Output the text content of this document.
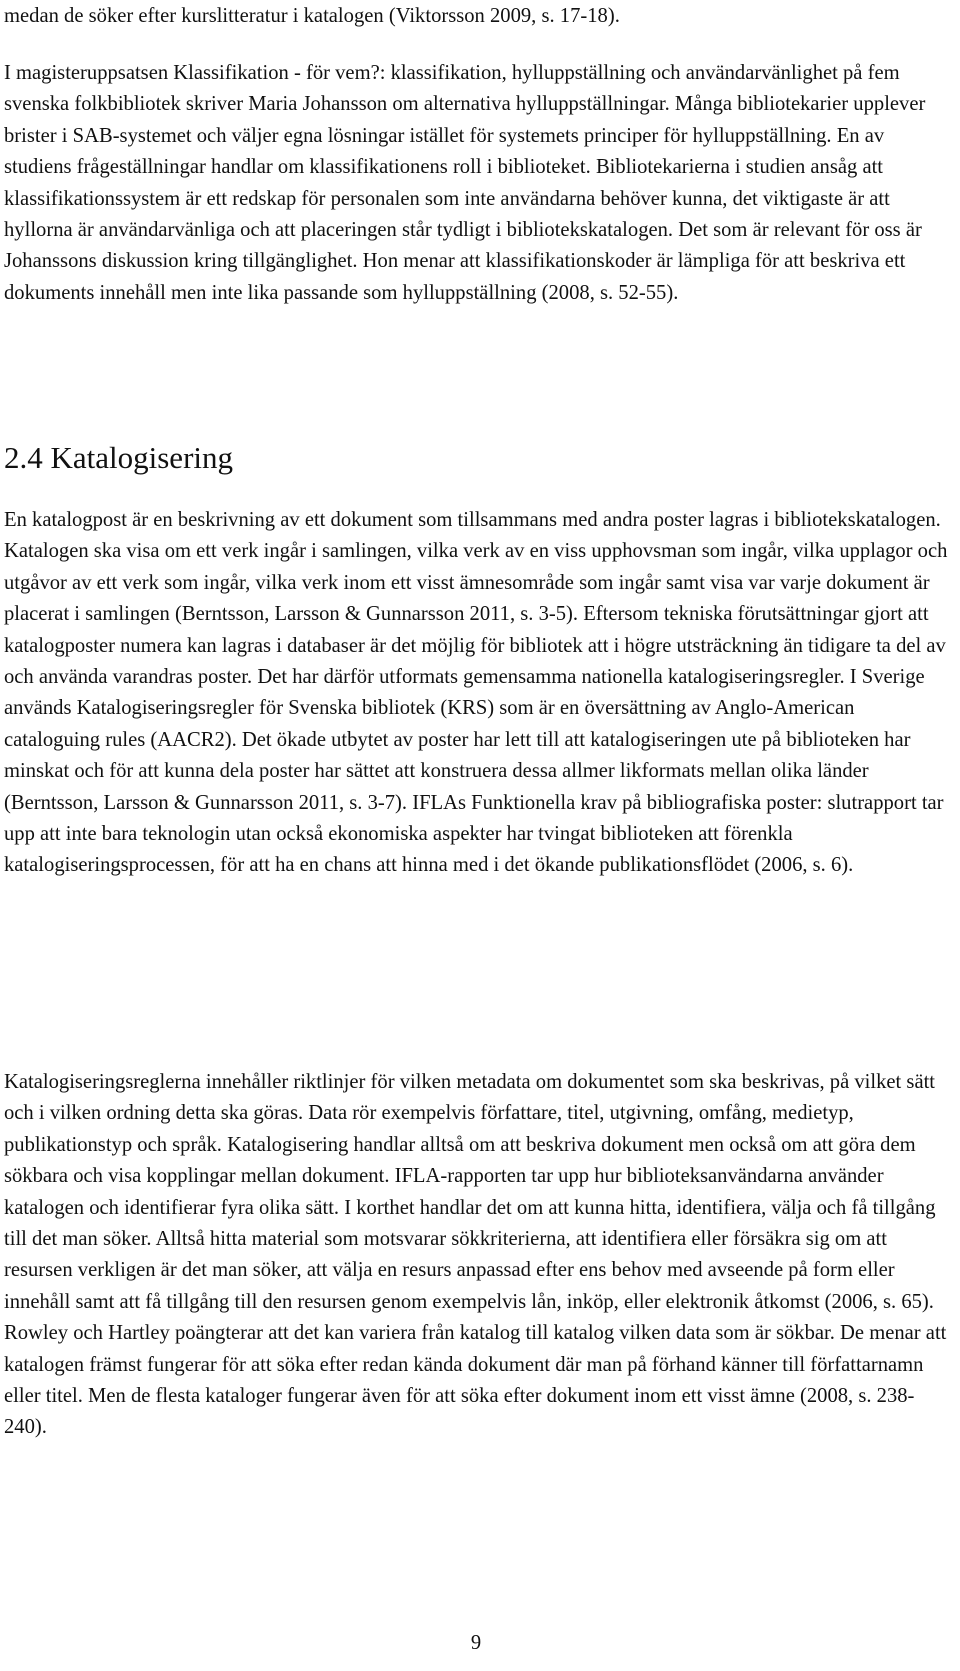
medan de söker efter kurslitteratur i katalogen (Viktorsson 2009, s. 17-18).

I magisteruppsatsen Klassifikation - för vem?: klassifikation, hylluppställning och användarvänlighet på fem svenska folkbibliotek skriver Maria Johansson om alternativa hylluppställningar. Många bibliotekarier upplever brister i SAB-systemet och väljer egna lösningar istället för systemets principer för hylluppställning. En av studiens frågeställningar handlar om klassifikationens roll i biblioteket. Bibliotekarierna i studien ansåg att klassifikationssystem är ett redskap för personalen som inte användarna behöver kunna, det viktigaste är att hyllorna är användarvänliga och att placeringen står tydligt i bibliotekskatalogen. Det som är relevant för oss är Johanssons diskussion kring tillgänglighet. Hon menar att klassifikationskoder är lämpliga för att beskriva ett dokuments innehåll men inte lika passande som hylluppställning (2008, s. 52-55).

2.4 Katalogisering

En katalogpost är en beskrivning av ett dokument som tillsammans med andra poster lagras i bibliotekskatalogen. Katalogen ska visa om ett verk ingår i samlingen, vilka verk av en viss upphovsman som ingår, vilka upplagor och utgåvor av ett verk som ingår, vilka verk inom ett visst ämnesområde som ingår samt visa var varje dokument är placerat i samlingen (Berntsson, Larsson & Gunnarsson 2011, s. 3-5). Eftersom tekniska förutsättningar gjort att katalogposter numera kan lagras i databaser är det möjlig för bibliotek att i högre utsträckning än tidigare ta del av och använda varandras poster. Det har därför utformats gemensamma nationella katalogiseringsregler. I Sverige används Katalogiseringsregler för Svenska bibliotek (KRS) som är en översättning av Anglo-American cataloguing rules (AACR2). Det ökade utbytet av poster har lett till att katalogiseringen ute på biblioteken har minskat och för att kunna dela poster har sättet att konstruera dessa allmer likformats mellan olika länder (Berntsson, Larsson & Gunnarsson 2011, s. 3-7). IFLAs Funktionella krav på bibliografiska poster: slutrapport tar upp att inte bara teknologin utan också ekonomiska aspekter har tvingat biblioteken att förenkla katalogiseringsprocessen, för att ha en chans att hinna med i det ökande publikationsflödet (2006, s. 6).

Katalogiseringsreglerna innehåller riktlinjer för vilken metadata om dokumentet som ska beskrivas, på vilket sätt och i vilken ordning detta ska göras. Data rör exempelvis författare, titel, utgivning, omfång, medietyp, publikationstyp och språk. Katalogisering handlar alltså om att beskriva dokument men också om att göra dem sökbara och visa kopplingar mellan dokument. IFLA-rapporten tar upp hur biblioteksanvändarna använder katalogen och identifierar fyra olika sätt. I korthet handlar det om att kunna hitta, identifiera, välja och få tillgång till det man söker. Alltså hitta material som motsvarar sökkriterierna, att identifiera eller försäkra sig om att resursen verkligen är det man söker, att välja en resurs anpassad efter ens behov med avseende på form eller innehåll samt att få tillgång till den resursen genom exempelvis lån, inköp, eller elektronik åtkomst (2006, s. 65). Rowley och Hartley poängterar att det kan variera från katalog till katalog vilken data som är sökbar. De menar att katalogen främst fungerar för att söka efter redan kända dokument där man på förhand känner till författarnamn eller titel. Men de flesta kataloger fungerar även för att söka efter dokument inom ett visst ämne (2008, s. 238-240).

9
